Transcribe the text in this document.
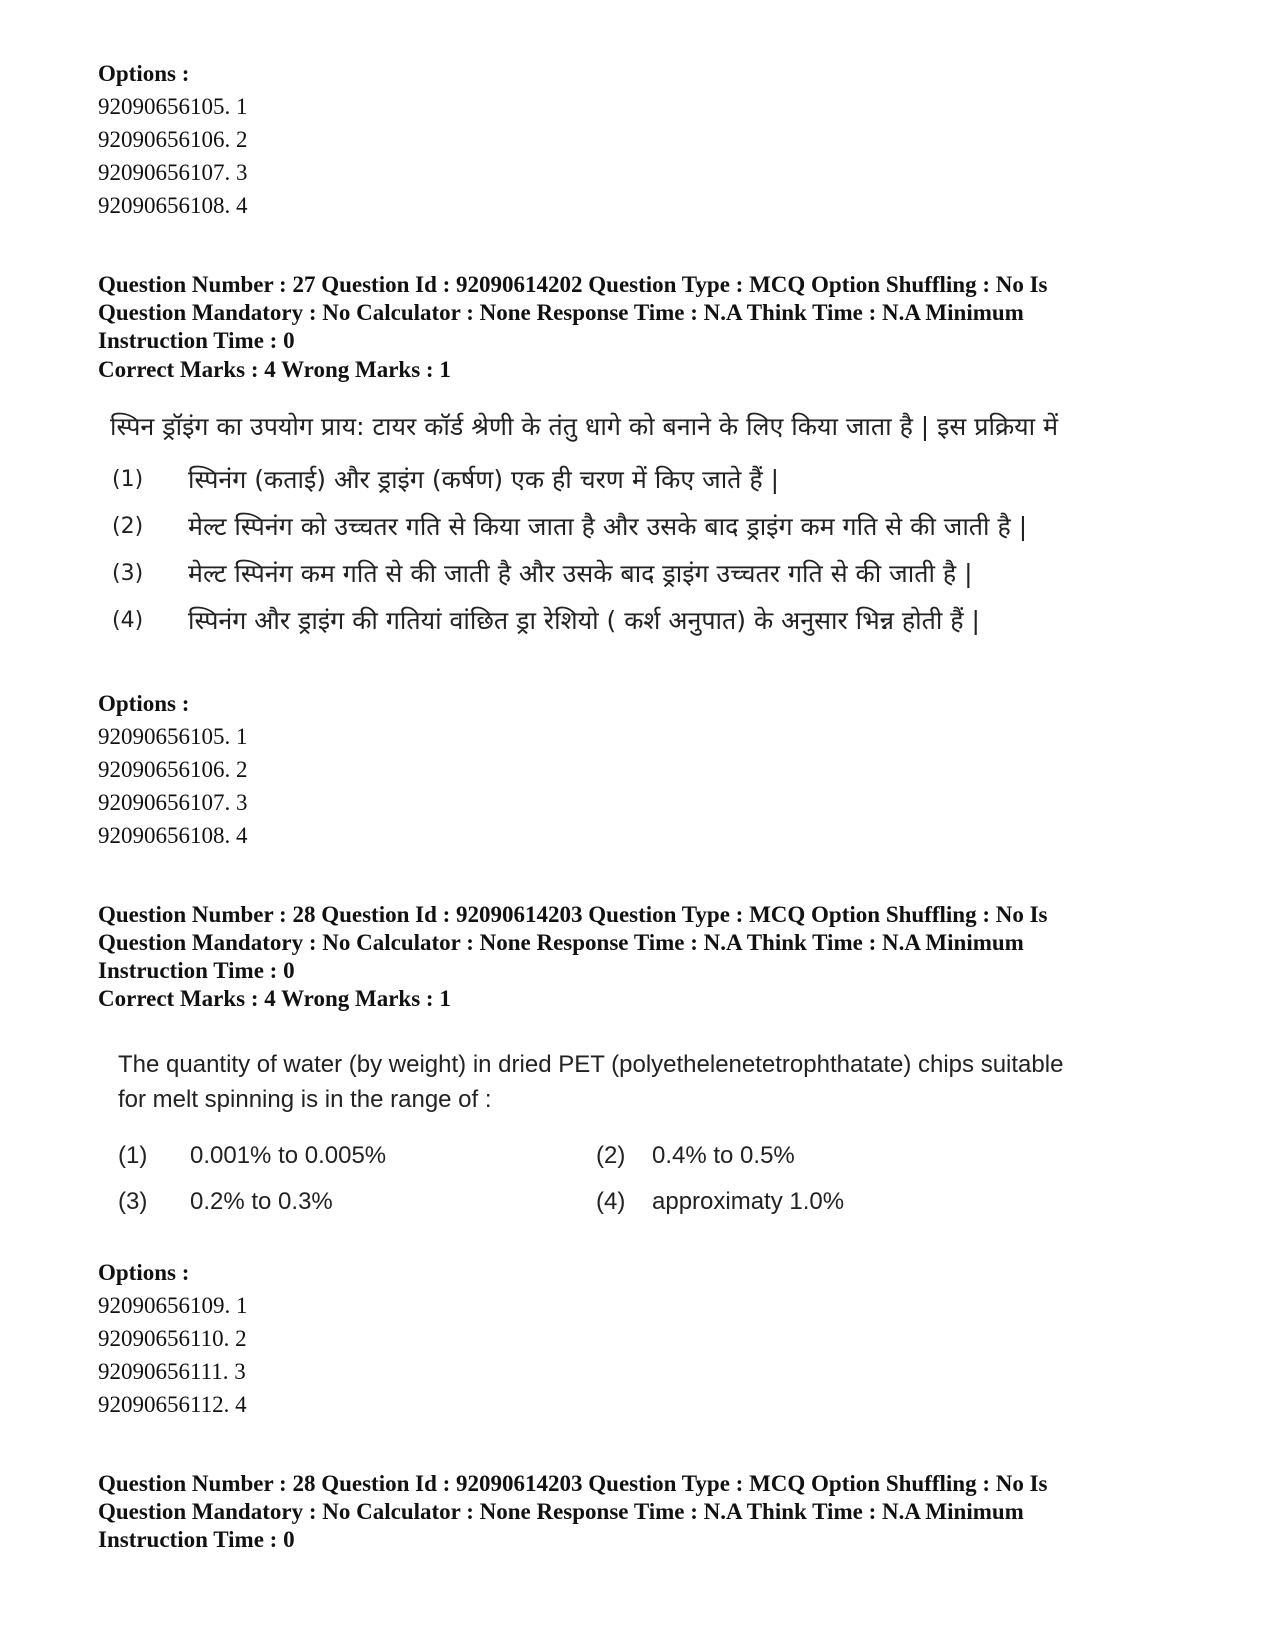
Options :
92090656105. 1
92090656106. 2
92090656107. 3
92090656108. 4
Question Number : 27 Question Id : 92090614202 Question Type : MCQ Option Shuffling : No Is
Question Mandatory : No Calculator : None Response Time : N.A Think Time : N.A Minimum
Instruction Time : 0
Correct Marks : 4 Wrong Marks : 1
स्पिन ड्रॉइंग का उपयोग प्राय: टायर कॉर्ड श्रेणी के तंतु धागे को बनाने के लिए किया जाता है | इस प्रक्रिया में
(1) स्पिनंग (कताई) और ड्राइंग (कर्षण) एक ही चरण में किए जाते हैं |
(2) मेल्ट स्पिनंग को उच्चतर गति से किया जाता है और उसके बाद ड्राइंग कम गति से की जाती है |
(3) मेल्ट स्पिनंग कम गति से की जाती है और उसके बाद ड्राइंग उच्चतर गति से की जाती है |
(4) स्पिनंग और ड्राइंग की गतियां वांछित ड्रा रेशियो ( कर्श अनुपात) के अनुसार भिन्न होती हैं |
Options :
92090656105. 1
92090656106. 2
92090656107. 3
92090656108. 4
Question Number : 28 Question Id : 92090614203 Question Type : MCQ Option Shuffling : No Is
Question Mandatory : No Calculator : None Response Time : N.A Think Time : N.A Minimum
Instruction Time : 0
Correct Marks : 4 Wrong Marks : 1
The quantity of water (by weight) in dried PET (polyethelenetetrophthatate) chips suitable
for melt spinning is in the range of :
(1) 0.001% to 0.005%	(2) 0.4% to 0.5%
(3) 0.2% to 0.3%	(4) approximaty 1.0%
Options :
92090656109. 1
92090656110. 2
92090656111. 3
92090656112. 4
Question Number : 28 Question Id : 92090614203 Question Type : MCQ Option Shuffling : No Is
Question Mandatory : No Calculator : None Response Time : N.A Think Time : N.A Minimum
Instruction Time : 0
